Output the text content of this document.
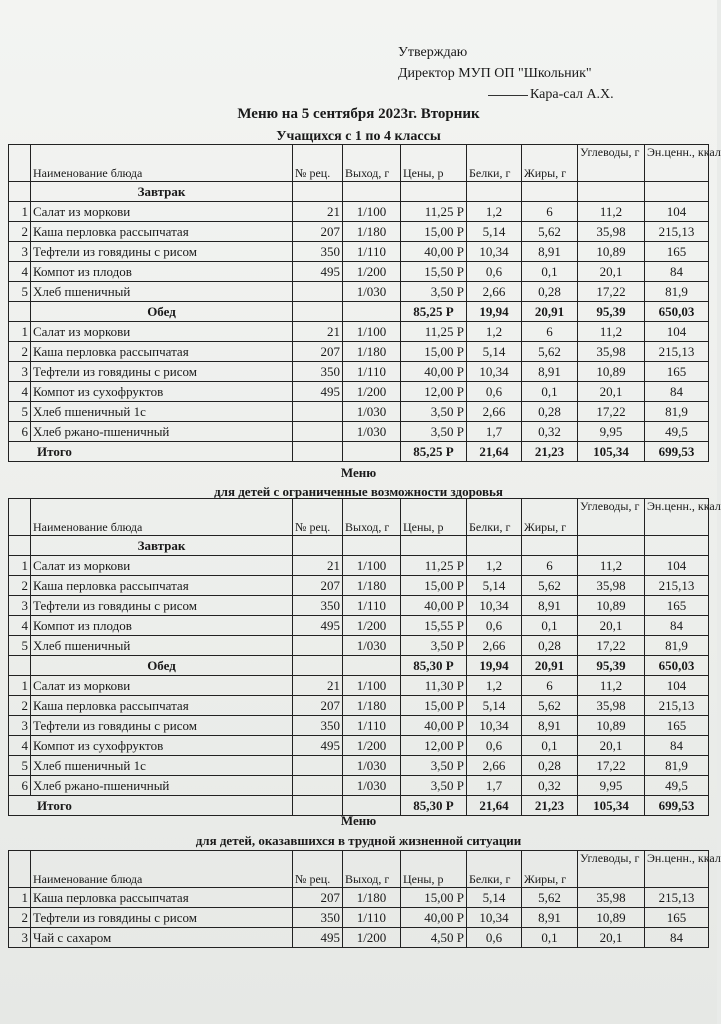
Утверждаю
Директор МУП ОП "Школьник"
Кара-сал А.Х.
Меню на 5 сентября 2023г. Вторник
Учащихся с 1 по 4 классы
	Наименование блюда	№ рец.	Выход, г	Цены, р	Белки, г	Жиры, г	Углеводы, г	Эн.ценн., ккал
	Завтрак							
1	Салат из моркови	21	1/100	11,25 Р	1,2	6	11,2	104
2	Каша перловка рассыпчатая	207	1/180	15,00 Р	5,14	5,62	35,98	215,13
3	Тефтели из говядины с рисом	350	1/110	40,00 Р	10,34	8,91	10,89	165
4	Компот из плодов	495	1/200	15,50 Р	0,6	0,1	20,1	84
5	Хлеб пшеничный		1/030	3,50 Р	2,66	0,28	17,22	81,9
	Обед			85,25 Р	19,94	20,91	95,39	650,03
1	Салат из моркови	21	1/100	11,25 Р	1,2	6	11,2	104
2	Каша перловка рассыпчатая	207	1/180	15,00 Р	5,14	5,62	35,98	215,13
3	Тефтели из говядины с рисом	350	1/110	40,00 Р	10,34	8,91	10,89	165
4	Компот из сухофруктов	495	1/200	12,00 Р	0,6	0,1	20,1	84
5	Хлеб пшеничный 1с		1/030	3,50 Р	2,66	0,28	17,22	81,9
6	Хлеб ржано-пшеничный		1/030	3,50 Р	1,7	0,32	9,95	49,5
Итого				85,25 Р	21,64	21,23	105,34	699,53
Меню
для детей с ограниченные возможности здоровья
	Наименование блюда	№ рец.	Выход, г	Цены, р	Белки, г	Жиры, г	Углеводы, г	Эн.ценн., ккал
	Завтрак							
1	Салат из моркови	21	1/100	11,25 Р	1,2	6	11,2	104
2	Каша перловка рассыпчатая	207	1/180	15,00 Р	5,14	5,62	35,98	215,13
3	Тефтели из говядины с рисом	350	1/110	40,00 Р	10,34	8,91	10,89	165
4	Компот из плодов	495	1/200	15,55 Р	0,6	0,1	20,1	84
5	Хлеб пшеничный		1/030	3,50 Р	2,66	0,28	17,22	81,9
	Обед			85,30 Р	19,94	20,91	95,39	650,03
1	Салат из моркови	21	1/100	11,30 Р	1,2	6	11,2	104
2	Каша перловка рассыпчатая	207	1/180	15,00 Р	5,14	5,62	35,98	215,13
3	Тефтели из говядины с рисом	350	1/110	40,00 Р	10,34	8,91	10,89	165
4	Компот из сухофруктов	495	1/200	12,00 Р	0,6	0,1	20,1	84
5	Хлеб пшеничный 1с		1/030	3,50 Р	2,66	0,28	17,22	81,9
6	Хлеб ржано-пшеничный		1/030	3,50 Р	1,7	0,32	9,95	49,5
Итого				85,30 Р	21,64	21,23	105,34	699,53
Меню
для детей, оказавшихся в трудной жизненной ситуации
	Наименование блюда	№ рец.	Выход, г	Цены, р	Белки, г	Жиры, г	Углеводы, г	Эн.ценн., ккал
1	Каша перловка рассыпчатая	207	1/180	15,00 Р	5,14	5,62	35,98	215,13
2	Тефтели из говядины с рисом	350	1/110	40,00 Р	10,34	8,91	10,89	165
3	Чай с сахаром	495	1/200	4,50 Р	0,6	0,1	20,1	84
